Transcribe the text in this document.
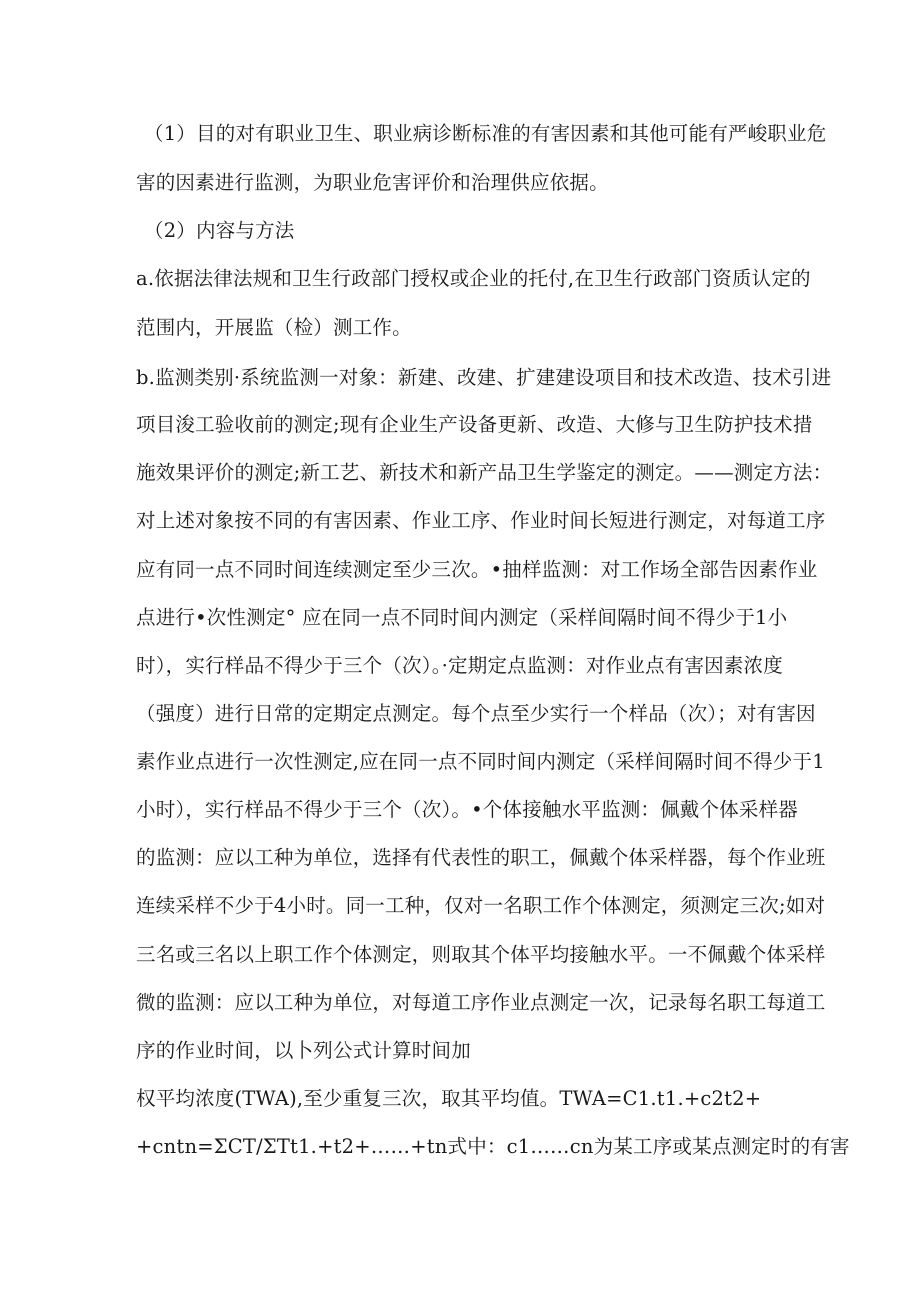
（1）目的对有职业卫生、职业病诊断标准的有害因素和其他可能有严峻职业危
害的因素进行监测，为职业危害评价和治理供应依据。
（2）内容与方法
a.依据法律法规和卫生行政部门授权或企业的托付,在卫生行政部门资质认定的
范围内，开展监（检）测工作。
b.监测类别·系统监测一对象：新建、改建、扩建建设项目和技术改造、技术引进
项目浚工验收前的测定;现有企业生产设备更新、改造、大修与卫生防护技术措
施效果评价的测定;新工艺、新技术和新产品卫生学鉴定的测定。——测定方法：
对上述对象按不同的有害因素、作业工序、作业时间长短进行测定，对每道工序
应有同一点不同时间连续测定至少三次。•抽样监测：对工作场全部告因素作业
点进行•次性测定° 应在同一点不同时间内测定（采样间隔时间不得少于1小
时），实行样品不得少于三个（次）。·定期定点监测：对作业点有害因素浓度
（强度）进行日常的定期定点测定。每个点至少实行一个样品（次）；对有害因
素作业点进行一次性测定,应在同一点不同时间内测定（采样间隔时间不得少于1
小时），实行样品不得少于三个（次）。•个体接触水平监测：佩戴个体采样器
的监测：应以工种为单位，选择有代表性的职工，佩戴个体采样器，每个作业班
连续采样不少于4小时。同一工种，仅对一名职工作个体测定，须测定三次;如对
三名或三名以上职工作个体测定，则取其个体平均接触水平。一不佩戴个体采样
微的监测：应以工种为单位，对每道工序作业点测定一次，记录每名职工每道工
序的作业时间，以卜列公式计算时间加
权平均浓度(TWA),至少重复三次，取其平均值。TWA=C1.t1.+c2t2+
+cntn=ΣCT/ΣTt1.+t2+……+tn式中：c1……cn为某工序或某点测定时的有害
